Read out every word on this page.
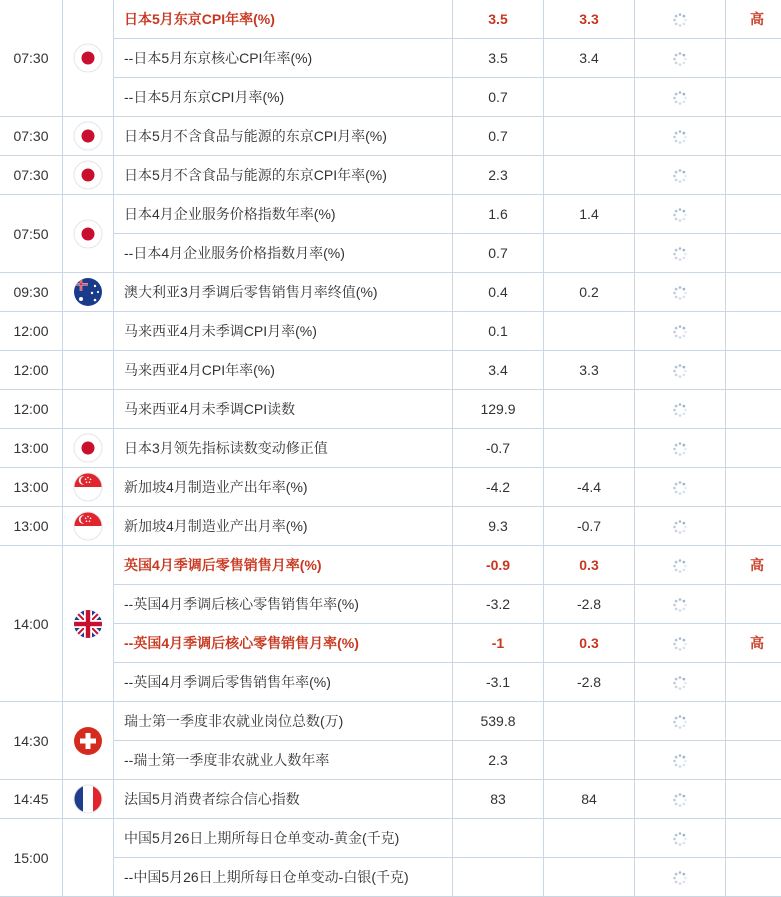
07:30		日本5月东京CPI年率(%)	3.5	3.3		高
		--日本5月东京核心CPI年率(%)	3.5	3.4		
		--日本5月东京CPI月率(%)	0.7			
07:30		日本5月不含食品与能源的东京CPI月率(%)	0.7			
07:30		日本5月不含食品与能源的东京CPI年率(%)	2.3			
07:50		日本4月企业服务价格指数年率(%)	1.6	1.4		
		--日本4月企业服务价格指数月率(%)	0.7			
09:30		澳大利亚3月季调后零售销售月率终值(%)	0.4	0.2		
12:00		马来西亚4月未季调CPI月率(%)	0.1			
12:00		马来西亚4月CPI年率(%)	3.4	3.3		
12:00		马来西亚4月未季调CPI读数	129.9			
13:00		日本3月领先指标读数变动修正值	-0.7			
13:00		新加坡4月制造业产出年率(%)	-4.2	-4.4		
13:00		新加坡4月制造业产出月率(%)	9.3	-0.7		
14:00		英国4月季调后零售销售月率(%)	-0.9	0.3		高
		--英国4月季调后核心零售销售年率(%)	-3.2	-2.8		
		--英国4月季调后核心零售销售月率(%)	-1	0.3		高
		--英国4月季调后零售销售年率(%)	-3.1	-2.8		
14:30		瑞士第一季度非农就业岗位总数(万)	539.8			
		--瑞士第一季度非农就业人数年率	2.3			
14:45		法国5月消费者综合信心指数	83	84		
15:00		中国5月26日上期所每日仓单变动-黄金(千克)				
		--中国5月26日上期所每日仓单变动-白银(千克)				
